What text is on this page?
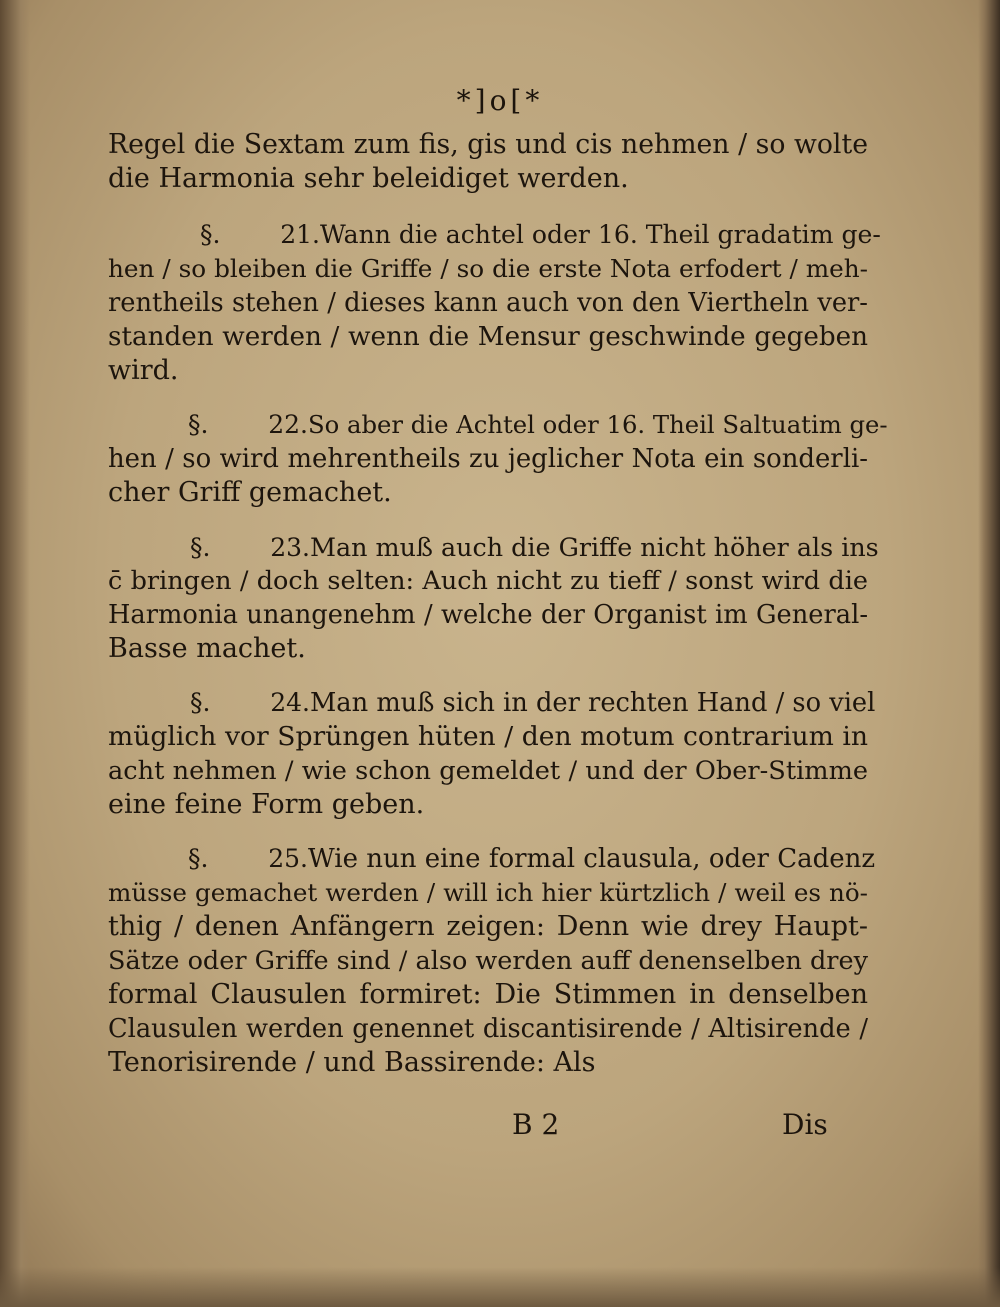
*]o[*
Regel die Sextam zum fis, gis und cis nehmen / so wolte
die Harmonia sehr beleidiget werden.
§. 21.Wann die achtel oder 16. Theil gradatim ge-
hen / so bleiben die Griffe / so die erste Nota erfodert / meh-
rentheils stehen / dieses kann auch von den Viertheln ver-
standen werden / wenn die Mensur geschwinde gegeben
wird.
§. 22.So aber die Achtel oder 16. Theil Saltuatim ge-
hen / so wird mehrentheils zu jeglicher Nota ein sonderli-
cher Griff gemachet.
§. 23.Man muß auch die Griffe nicht höher als ins
c̄ bringen / doch selten: Auch nicht zu tieff / sonst wird die
Harmonia unangenehm / welche der Organist im General-
Basse machet.
§. 24.Man muß sich in der rechten Hand / so viel
müglich vor Sprüngen hüten / den motum contrarium in
acht nehmen / wie schon gemeldet / und der Ober-Stimme
eine feine Form geben.
§. 25.Wie nun eine formal clausula, oder Cadenz
müsse gemachet werden / will ich hier kürtzlich / weil es nö-
thig / denen Anfängern zeigen: Denn wie drey Haupt-
Sätze oder Griffe sind / also werden auff denenselben drey
formal Clausulen formiret: Die Stimmen in denselben
Clausulen werden genennet discantisirende / Altisirende /
Tenorisirende / und Bassirende: Als
B 2	Dis
